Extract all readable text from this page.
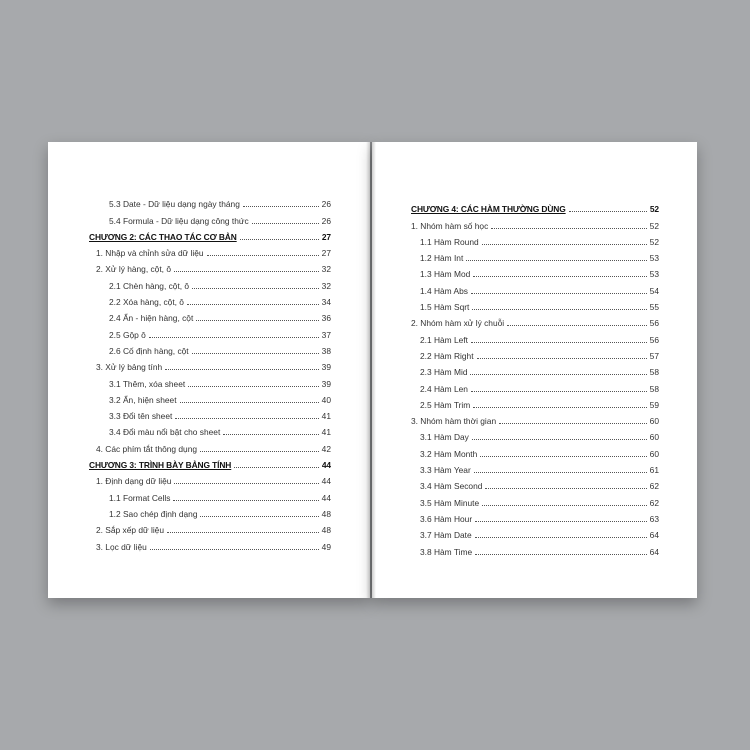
5.3 Date - Dữ liệu dạng ngày tháng	26
5.4 Formula - Dữ liệu dạng công thức	26
CHƯƠNG 2: CÁC THAO TÁC CƠ BẢN	27
1. Nhập và chỉnh sửa dữ liệu	27
2. Xử lý hàng, cột, ô	32
2.1 Chèn hàng, cột, ô	32
2.2 Xóa hàng, cột, ô	34
2.4 Ẩn - hiện hàng, cột	36
2.5 Gộp ô	37
2.6 Cố định hàng, cột	38
3. Xử lý bảng tính	39
3.1 Thêm, xóa sheet	39
3.2 Ẩn, hiện sheet	40
3.3 Đổi tên sheet	41
3.4 Đổi màu nổi bật cho sheet	41
4. Các phím tắt thông dụng	42
CHƯƠNG 3: TRÌNH BÀY BẢNG TÍNH	44
1. Định dạng dữ liệu	44
1.1 Format Cells	44
1.2 Sao chép định dạng	48
2. Sắp xếp dữ liệu	48
3. Lọc dữ liệu	49
CHƯƠNG 4: CÁC HÀM THƯỜNG DÙNG	52
1. Nhóm hàm số học	52
1.1 Hàm Round	52
1.2 Hàm Int	53
1.3 Hàm Mod	53
1.4 Hàm Abs	54
1.5 Hàm Sqrt	55
2. Nhóm hàm xử lý chuỗi	56
2.1 Hàm Left	56
2.2 Hàm Right	57
2.3 Hàm Mid	58
2.4 Hàm Len	58
2.5 Hàm Trim	59
3. Nhóm hàm thời gian	60
3.1 Hàm Day	60
3.2 Hàm Month	60
3.3 Hàm Year	61
3.4 Hàm Second	62
3.5 Hàm Minute	62
3.6 Hàm Hour	63
3.7 Hàm Date	64
3.8 Hàm Time	64
